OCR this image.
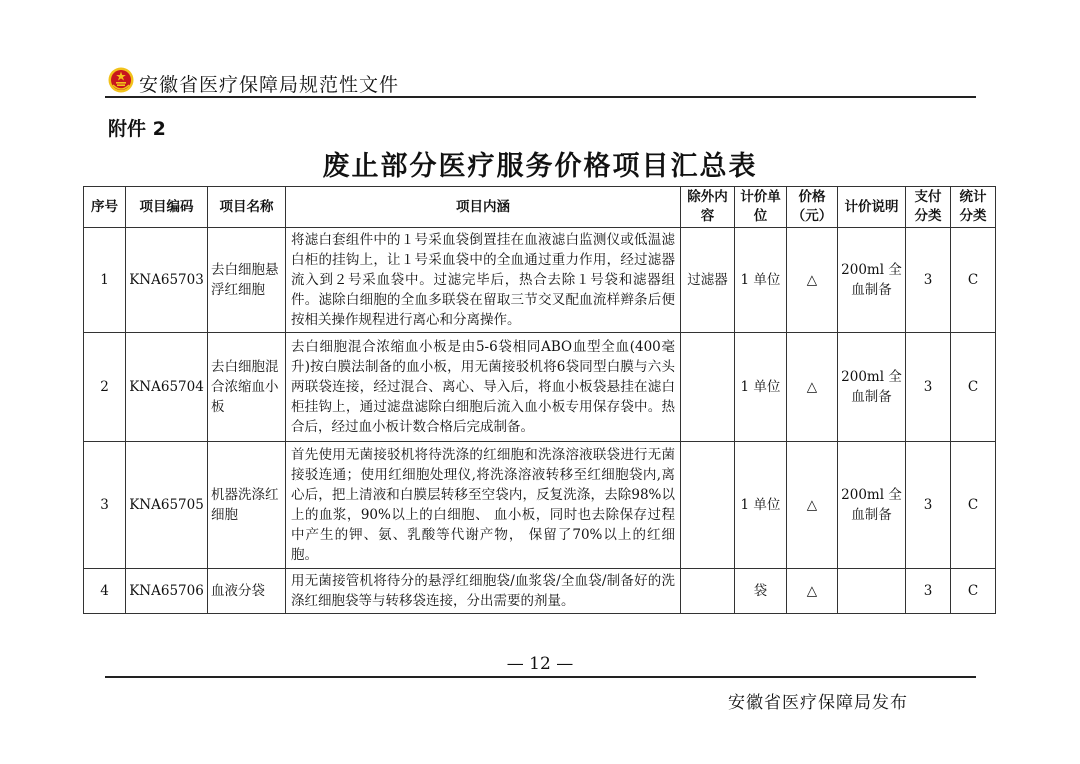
安徽省医疗保障局规范性文件
附件 2
废止部分医疗服务价格项目汇总表
序号	项目编码	项目名称	项目内涵	除外内容	计价单位	价格（元）	计价说明	支付分类	统计分类
1	KNA65703	去白细胞悬浮红细胞	将滤白套组件中的１号采血袋倒置挂在血液滤白监测仪或低温滤白柜的挂钩上，让１号采血袋中的全血通过重力作用，经过滤器流入到２号采血袋中。过滤完毕后，热合去除１号袋和滤器组件。滤除白细胞的全血多联袋在留取三节交叉配血流样辫条后便按相关操作规程进行离心和分离操作。	过滤器	1 单位	△	200ml 全血制备	3	C
2	KNA65704	去白细胞混合浓缩血小板	去白细胞混合浓缩血小板是由5-6袋相同ABO血型全血(400毫升)按白膜法制备的血小板，用无菌接驳机将6袋同型白膜与六头两联袋连接，经过混合、离心、导入后，将血小板袋悬挂在滤白柜挂钩上，通过滤盘滤除白细胞后流入血小板专用保存袋中。热合后，经过血小板计数合格后完成制备。		1 单位	△	200ml 全血制备	3	C
3	KNA65705	机器洗涤红细胞	首先使用无菌接驳机将待洗涤的红细胞和洗涤溶液联袋进行无菌接驳连通；使用红细胞处理仪,将洗涤溶液转移至红细胞袋内,离心后，把上清液和白膜层转移至空袋内，反复洗涤，去除98%以上的血浆，90%以上的白细胞、 血小板，同时也去除保存过程中产生的钾、氨、乳酸等代谢产物， 保留了70%以上的红细胞。		1 单位	△	200ml 全血制备	3	C
4	KNA65706	血液分袋	用无菌接管机将待分的悬浮红细胞袋/血浆袋/全血袋/制备好的洗涤红细胞袋等与转移袋连接，分出需要的剂量。		袋	△		3	C
— 12 —
安徽省医疗保障局发布
